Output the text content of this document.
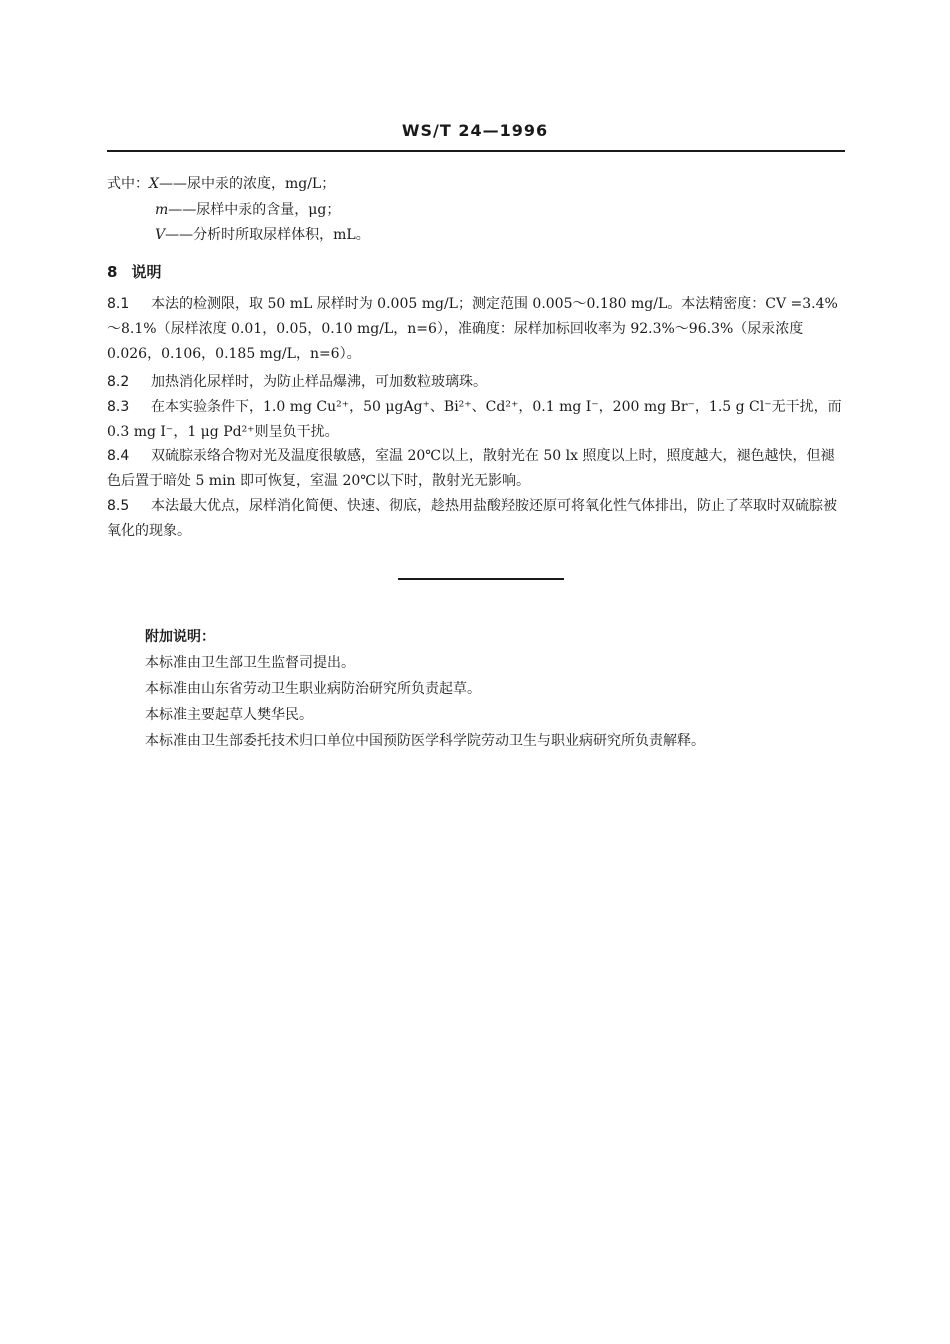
WS/T 24—1996
式中：X——尿中汞的浓度，mg/L；
m——尿样中汞的含量，μg；
V——分析时所取尿样体积，mL。
8 说明
8.1 本法的检测限，取 50 mL 尿样时为 0.005 mg/L；测定范围 0.005～0.180 mg/L。本法精密度：CV =3.4%～8.1%（尿样浓度 0.01，0.05，0.10 mg/L，n=6），准确度：尿样加标回收率为 92.3%～96.3%（尿汞浓度 0.026，0.106，0.185 mg/L，n=6）。
8.2 加热消化尿样时，为防止样品爆沸，可加数粒玻璃珠。
8.3 在本实验条件下，1.0 mg Cu²⁺，50 μgAg⁺、Bi²⁺、Cd²⁺，0.1 mg I⁻，200 mg Br⁻，1.5 g Cl⁻无干扰，而 0.3 mg I⁻，1 μg Pd²⁺则呈负干扰。
8.4 双硫腙汞络合物对光及温度很敏感，室温 20℃以上，散射光在 50 lx 照度以上时，照度越大，褪色越快，但褪色后置于暗处 5 min 即可恢复，室温 20℃以下时，散射光无影响。
8.5 本法最大优点，尿样消化简便、快速、彻底，趁热用盐酸羟胺还原可将氧化性气体排出，防止了萃取时双硫腙被氧化的现象。
附加说明：
本标准由卫生部卫生监督司提出。
本标准由山东省劳动卫生职业病防治研究所负责起草。
本标准主要起草人樊华民。
本标准由卫生部委托技术归口单位中国预防医学科学院劳动卫生与职业病研究所负责解释。
